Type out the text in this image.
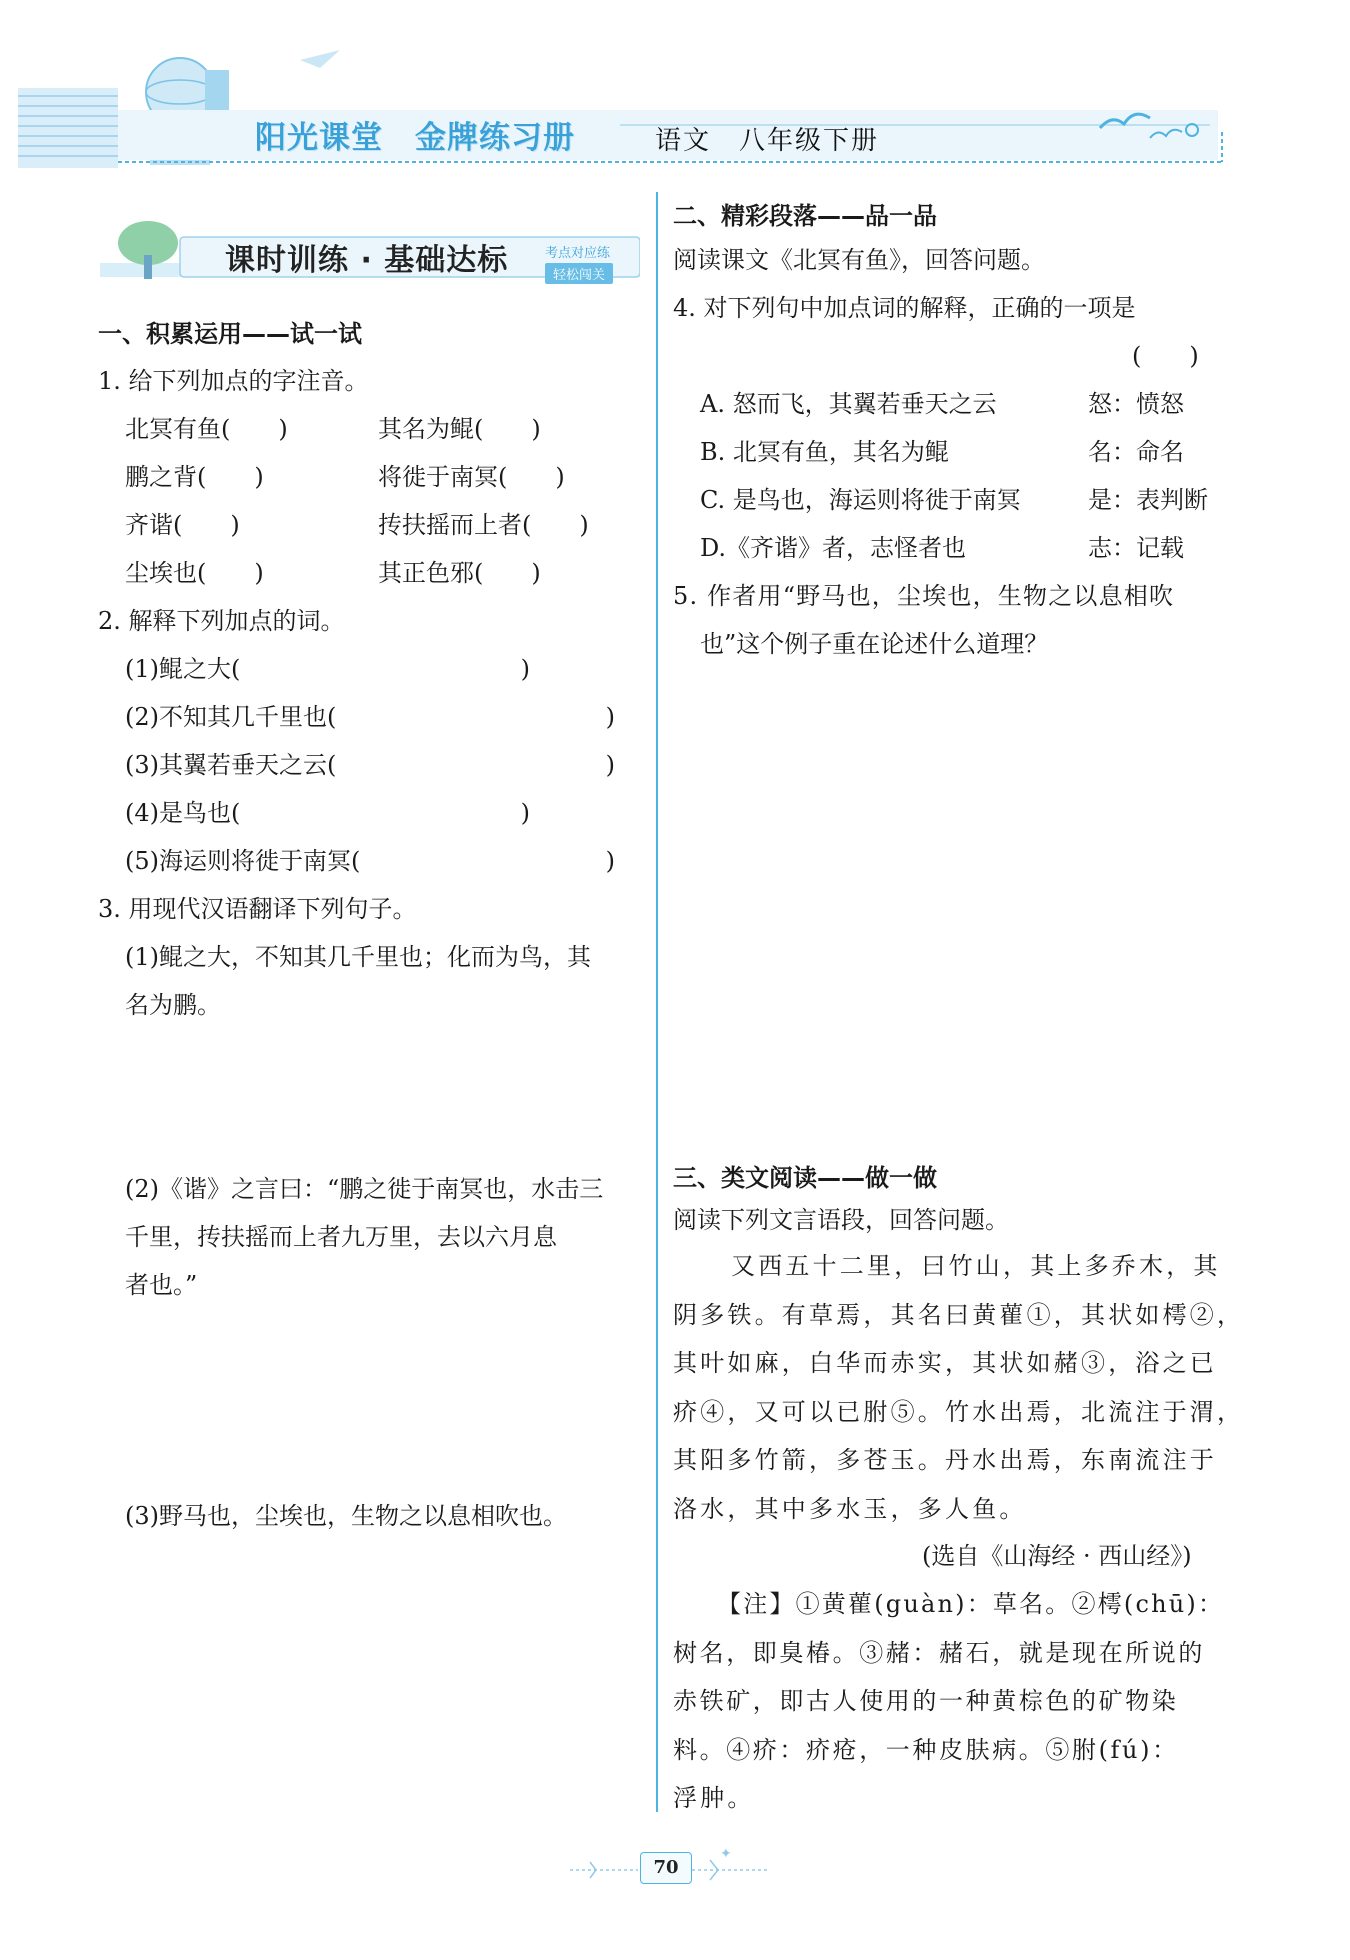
阳光课堂　金牌练习册	语文　八年级下册
课时训练 · 基础达标	考点对应练
轻松闯关
一、积累运用——试一试
1. 给下列加点的字注音。
北冥有鱼( )	其名为鲲( )
鹏之背( )	将徙于南冥( )
齐谐( )	抟扶摇而上者( )
尘埃也( )	其正色邪( )
2. 解释下列加点的词。
(1)鲲之大(	)
(2)不知其几千里也(	)
(3)其翼若垂天之云(	)
(4)是鸟也(	)
(5)海运则将徙于南冥(	)
3. 用现代汉语翻译下列句子。
(1)鲲之大，不知其几千里也；化而为鸟，其
名为鹏。
(2)《谐》之言曰：“鹏之徙于南冥也，水击三
千里，抟扶摇而上者九万里，去以六月息
者也。”
(3)野马也，尘埃也，生物之以息相吹也。
二、精彩段落——品一品
阅读课文《北冥有鱼》，回答问题。
4. 对下列句中加点词的解释，正确的一项是
(　　)
A. 怒而飞，其翼若垂天之云	怒：愤怒
B. 北冥有鱼，其名为鲲	名：命名
C. 是鸟也，海运则将徙于南冥	是：表判断
D.《齐谐》者，志怪者也	志：记载
5. 作者用“野马也，尘埃也，生物之以息相吹
也”这个例子重在论述什么道理？
三、类文阅读——做一做
阅读下列文言语段，回答问题。
又西五十二里，曰竹山，其上多乔木，其
阴多铁。有草焉，其名曰黄雚①，其状如樗②，
其叶如麻，白华而赤实，其状如赭③，浴之已
疥④，又可以已胕⑤。竹水出焉，北流注于渭，
其阳多竹箭，多苍玉。丹水出焉，东南流注于
洛水，其中多水玉，多人鱼。
(选自《山海经 · 西山经》)
【注】①黄雚(guàn)：草名。②樗(chū)：
树名，即臭椿。③赭：赭石，就是现在所说的
赤铁矿，即古人使用的一种黄棕色的矿物染
料。④疥：疥疮，一种皮肤病。⑤胕(fú)：
浮肿。
✦
70
